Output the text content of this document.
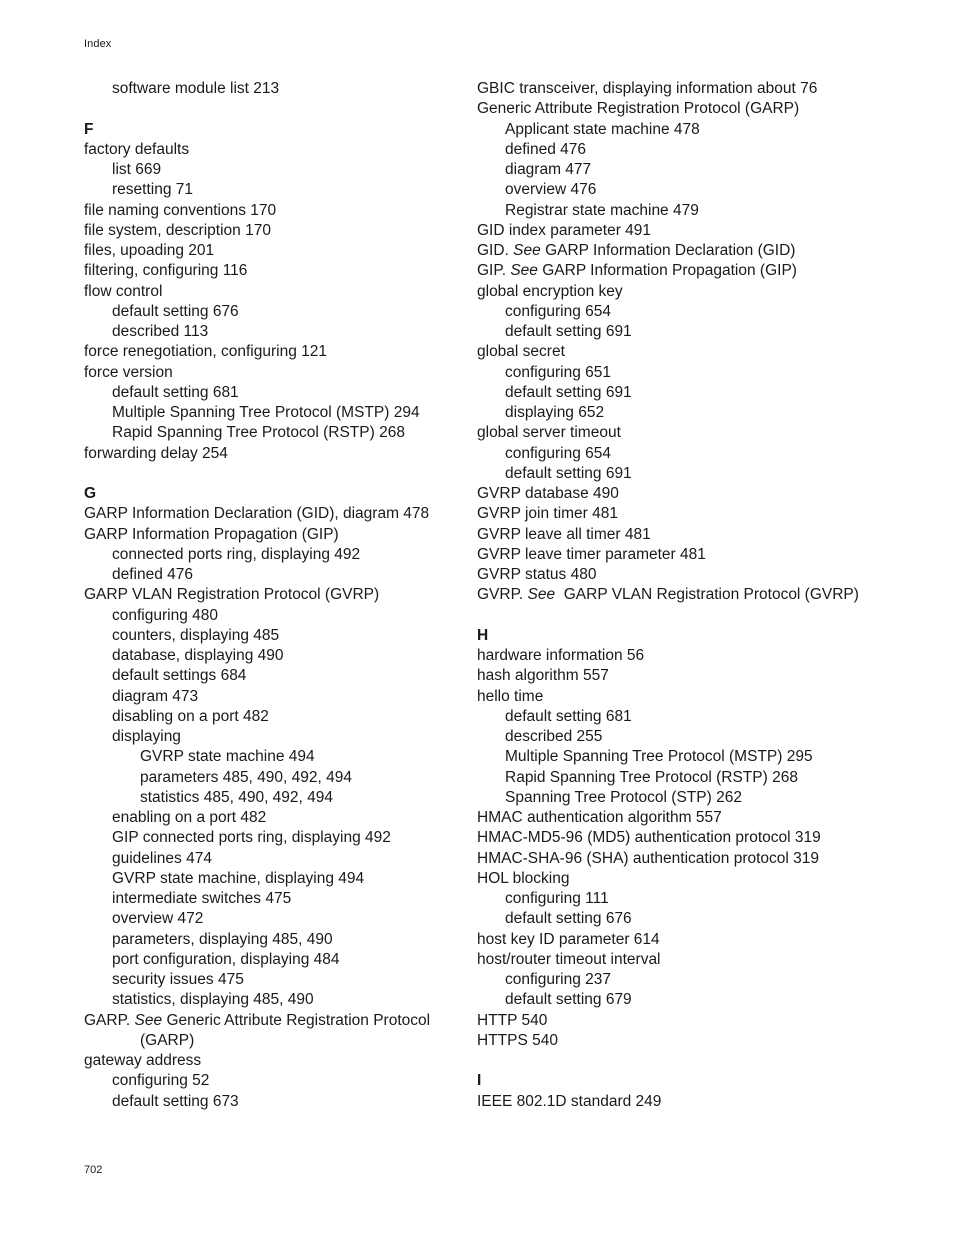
Index
software module list 213
F
factory defaults
list 669
resetting 71
file naming conventions 170
file system, description 170
files, upoading 201
filtering, configuring 116
flow control
default setting 676
described 113
force renegotiation, configuring 121
force version
default setting 681
Multiple Spanning Tree Protocol (MSTP) 294
Rapid Spanning Tree Protocol (RSTP) 268
forwarding delay 254
G
GARP Information Declaration (GID), diagram 478
GARP Information Propagation (GIP)
connected ports ring, displaying 492
defined 476
GARP VLAN Registration Protocol (GVRP)
configuring 480
counters, displaying 485
database, displaying 490
default settings 684
diagram 473
disabling on a port 482
displaying
GVRP state machine 494
parameters 485, 490, 492, 494
statistics 485, 490, 492, 494
enabling on a port 482
GIP connected ports ring, displaying 492
guidelines 474
GVRP state machine, displaying 494
intermediate switches 475
overview 472
parameters, displaying 485, 490
port configuration, displaying 484
security issues 475
statistics, displaying 485, 490
GARP. See Generic Attribute Registration Protocol
(GARP)
gateway address
configuring 52
default setting 673
GBIC transceiver, displaying information about 76
Generic Attribute Registration Protocol (GARP)
Applicant state machine 478
defined 476
diagram 477
overview 476
Registrar state machine 479
GID index parameter 491
GID. See GARP Information Declaration (GID)
GIP. See GARP Information Propagation (GIP)
global encryption key
configuring 654
default setting 691
global secret
configuring 651
default setting 691
displaying 652
global server timeout
configuring 654
default setting 691
GVRP database 490
GVRP join timer 481
GVRP leave all timer 481
GVRP leave timer parameter 481
GVRP status 480
GVRP. See  GARP VLAN Registration Protocol (GVRP)
H
hardware information 56
hash algorithm 557
hello time
default setting 681
described 255
Multiple Spanning Tree Protocol (MSTP) 295
Rapid Spanning Tree Protocol (RSTP) 268
Spanning Tree Protocol (STP) 262
HMAC authentication algorithm 557
HMAC-MD5-96 (MD5) authentication protocol 319
HMAC-SHA-96 (SHA) authentication protocol 319
HOL blocking
configuring 111
default setting 676
host key ID parameter 614
host/router timeout interval
configuring 237
default setting 679
HTTP 540
HTTPS 540
I
IEEE 802.1D standard 249
702
